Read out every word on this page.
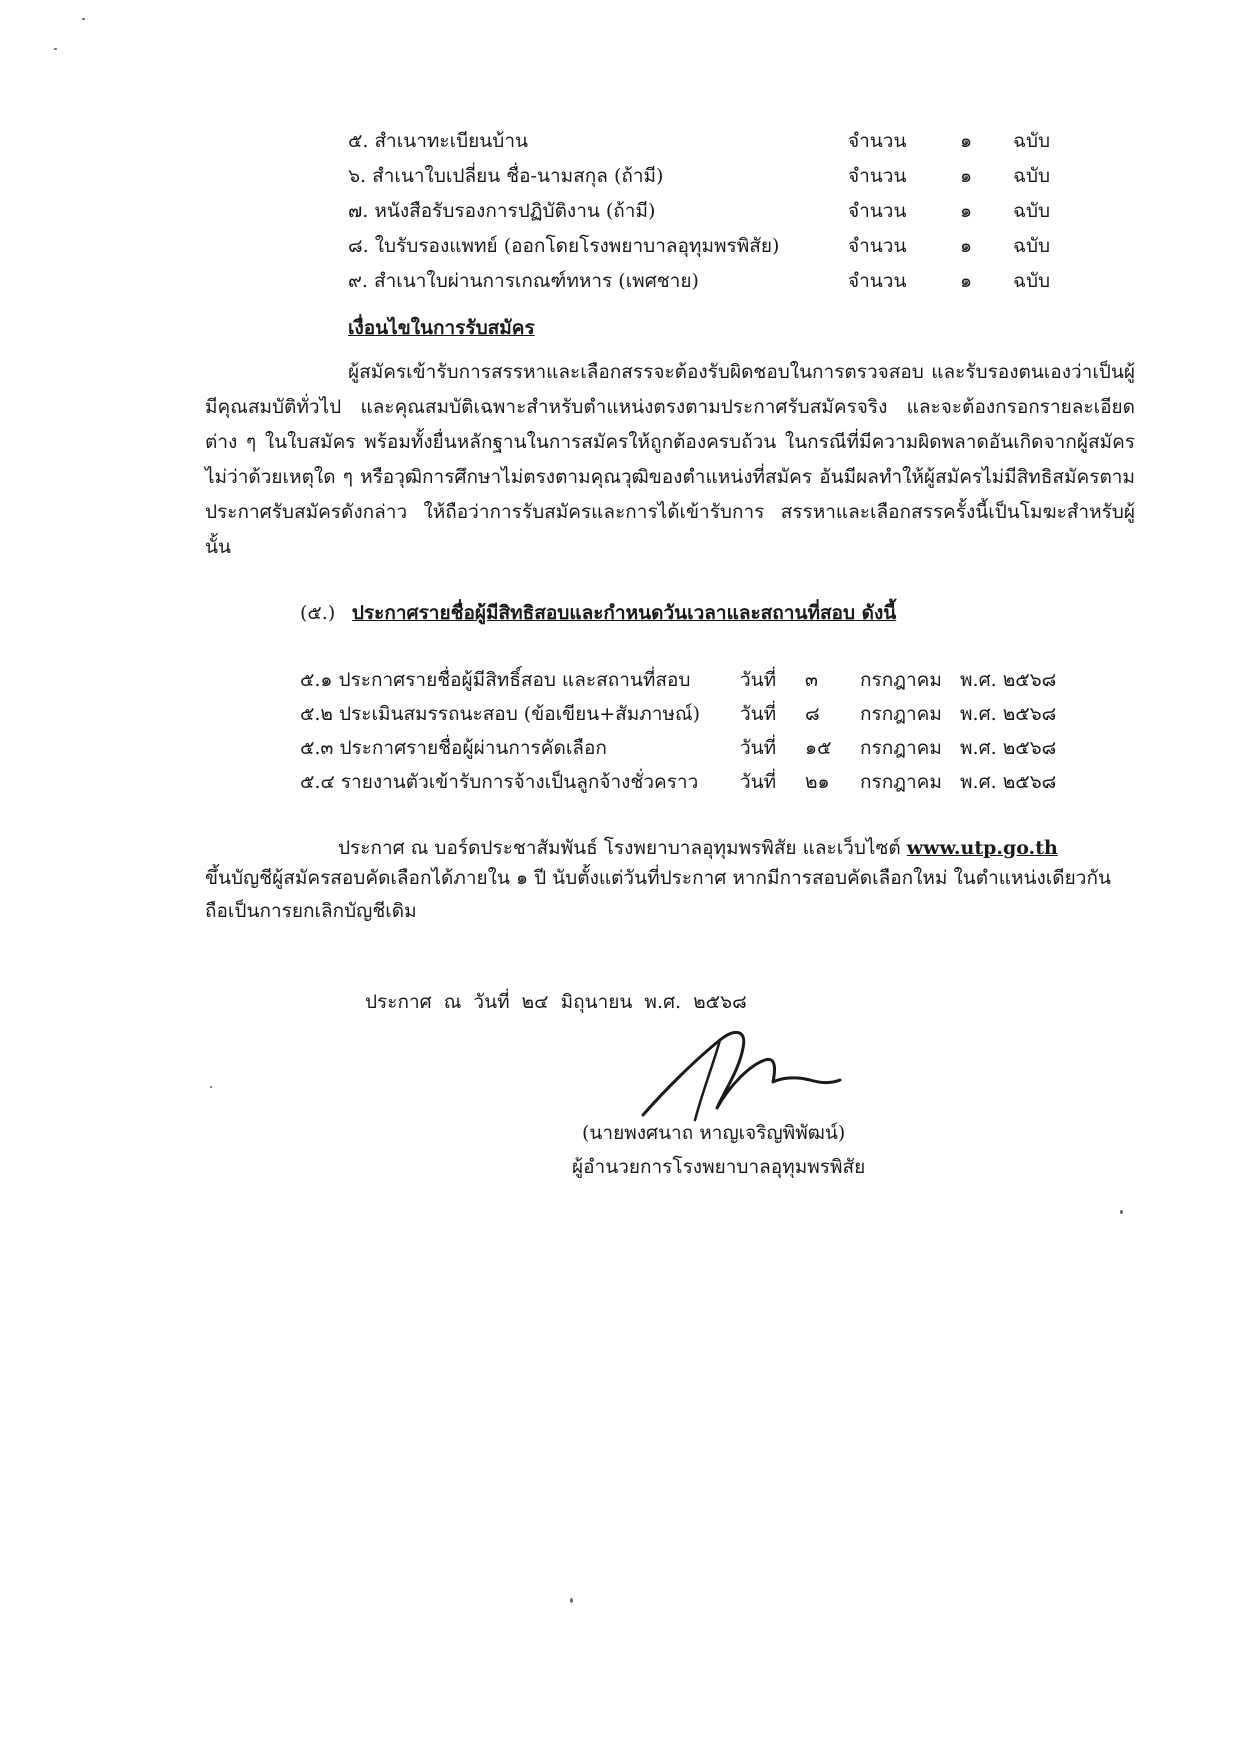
๕. สำเนาทะเบียนบ้าน	จำนวน	๑ ฉบับ
๖. สำเนาใบเปลี่ยน ชื่อ-นามสกุล (ถ้ามี)	จำนวน	๑ ฉบับ
๗. หนังสือรับรองการปฏิบัติงาน (ถ้ามี)	จำนวน	๑ ฉบับ
๘. ใบรับรองแพทย์ (ออกโดยโรงพยาบาลอุทุมพรพิสัย)	จำนวน	๑ ฉบับ
๙. สำเนาใบผ่านการเกณฑ์ทหาร (เพศชาย)	จำนวน	๑ ฉบับ
เงื่อนไขในการรับสมัคร
ผู้สมัครเข้ารับการสรรหาและเลือกสรรจะต้องรับผิดชอบในการตรวจสอบ และรับรองตนเองว่าเป็นผู้มีคุณสมบัติทั่วไป และคุณสมบัติเฉพาะสำหรับตำแหน่งตรงตามประกาศรับสมัครจริง และจะต้องกรอกรายละเอียดต่าง ๆ ในใบสมัคร พร้อมทั้งยื่นหลักฐานในการสมัครให้ถูกต้องครบถ้วน ในกรณีที่มีความผิดพลาดอันเกิดจากผู้สมัครไม่ว่าด้วยเหตุใด ๆ หรือวุฒิการศึกษาไม่ตรงตามคุณวุฒิของตำแหน่งที่สมัคร อันมีผลทำให้ผู้สมัครไม่มีสิทธิสมัครตามประกาศรับสมัครดังกล่าว ให้ถือว่าการรับสมัครและการได้เข้ารับการ สรรหาและเลือกสรรครั้งนี้เป็นโมฆะสำหรับผู้นั้น
(๕.) ประกาศรายชื่อผู้มีสิทธิสอบและกำหนดวันเวลาและสถานที่สอบ ดังนี้
๕.๑ ประกาศรายชื่อผู้มีสิทธิ์สอบ และสถานที่สอบ	วันที่ ๓ กรกฎาคม พ.ศ. ๒๕๖๘
๕.๒ ประเมินสมรรถนะสอบ (ข้อเขียน+สัมภาษณ์) วันที่ ๘ กรกฎาคม พ.ศ. ๒๕๖๘
๕.๓ ประกาศรายชื่อผู้ผ่านการคัดเลือก	วันที่ ๑๕ กรกฎาคม พ.ศ. ๒๕๖๘
๕.๔ รายงานตัวเข้ารับการจ้างเป็นลูกจ้างชั่วคราว วันที่ ๒๑ กรกฎาคม พ.ศ. ๒๕๖๘
ประกาศ ณ บอร์ดประชาสัมพันธ์ โรงพยาบาลอุทุมพรพิสัย และเว็บไซต์ www.utp.go.th
ขึ้นบัญชีผู้สมัครสอบคัดเลือกได้ภายใน ๑ ปี นับตั้งแต่วันที่ประกาศ หากมีการสอบคัดเลือกใหม่ ในตำแหน่งเดียวกัน ถือเป็นการยกเลิกบัญชีเดิม
ประกาศ ณ วันที่ ๒๔ มิถุนายน พ.ศ. ๒๕๖๘
(นายพงศนาถ หาญเจริญพิพัฒน์)
ผู้อำนวยการโรงพยาบาลอุทุมพรพิสัย
